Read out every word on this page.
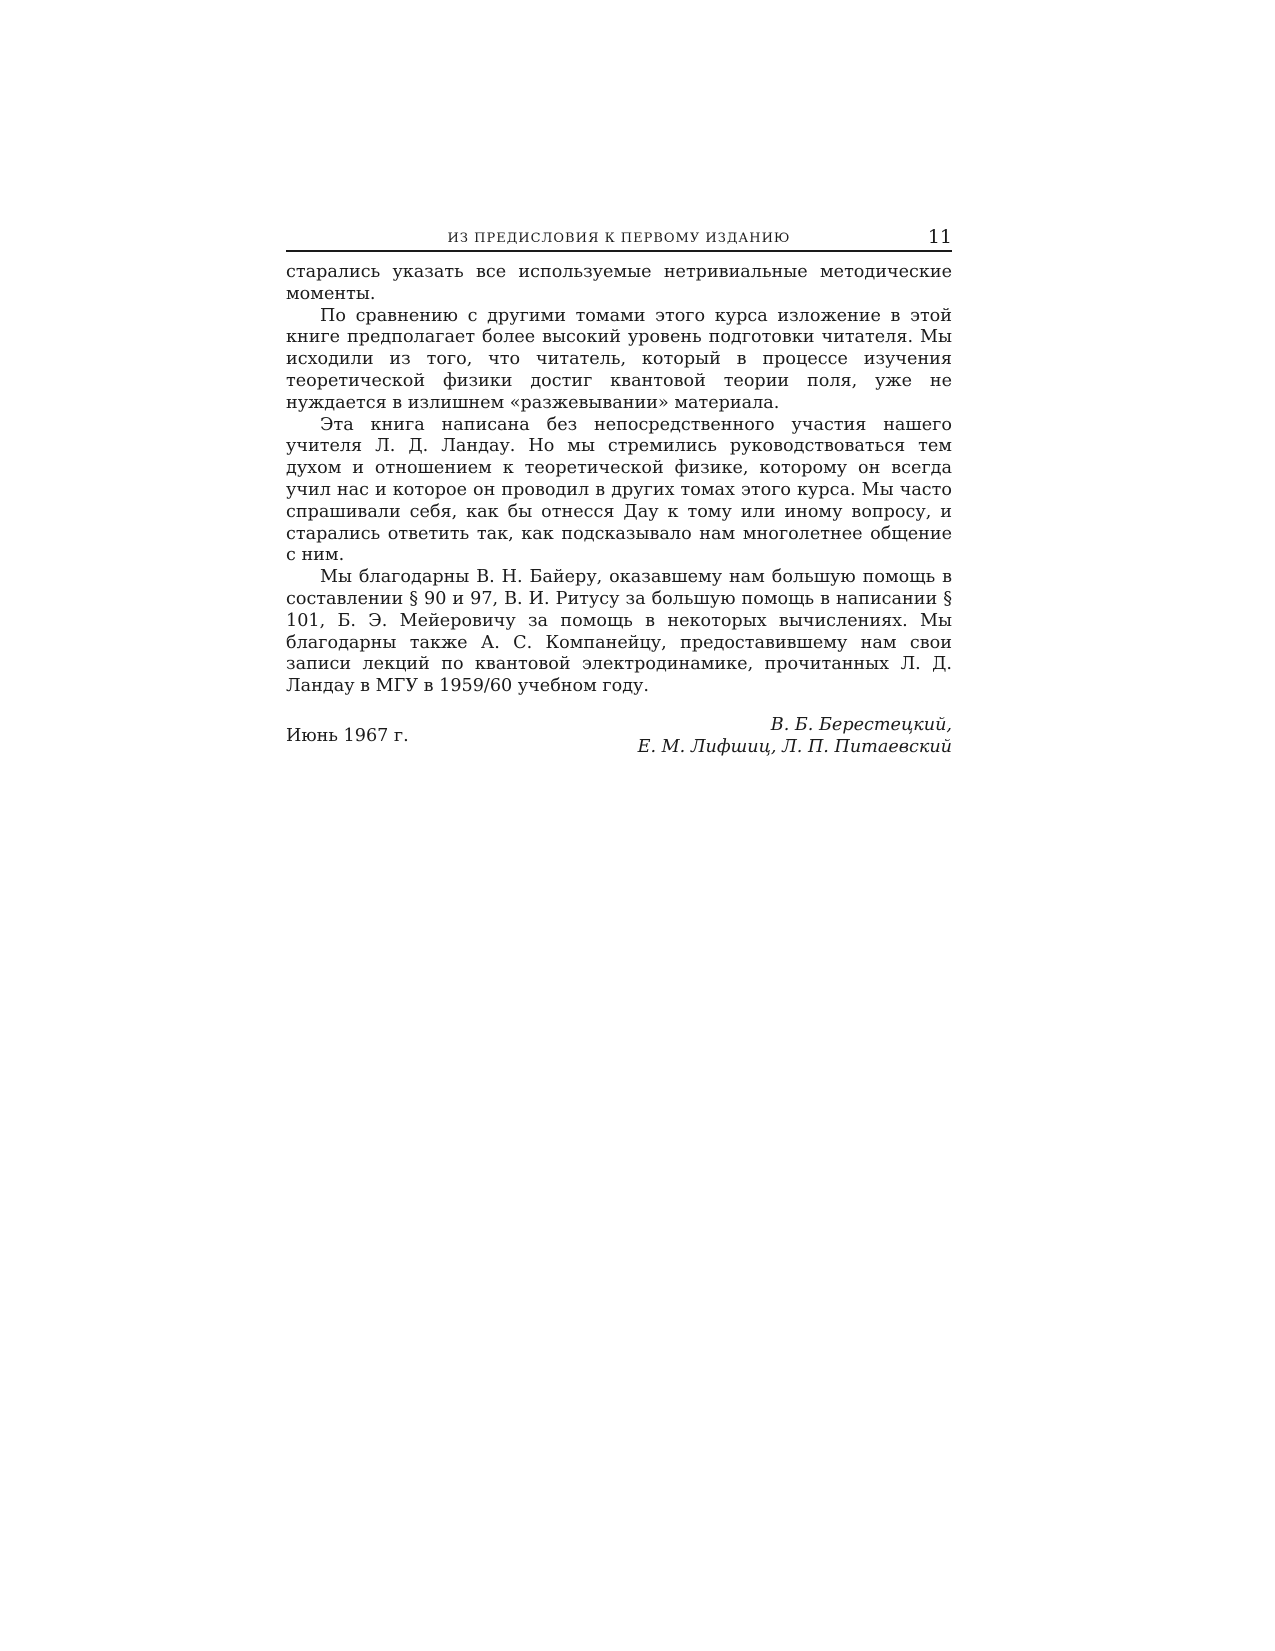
ИЗ ПРЕДИСЛОВИЯ К ПЕРВОМУ ИЗДАНИЮ	11

старались указать все используемые нетривиальные методические моменты.

По сравнению с другими томами этого курса изложение в этой книге предполагает более высокий уровень подготовки читателя. Мы исходили из того, что читатель, который в процессе изучения теоретической физики достиг квантовой теории поля, уже не нуждается в излишнем «разжевывании» материала.

Эта книга написана без непосредственного участия нашего учителя Л. Д. Ландау. Но мы стремились руководствоваться тем духом и отношением к теоретической физике, которому он всегда учил нас и которое он проводил в других томах этого курса. Мы часто спрашивали себя, как бы отнесся Дау к тому или иному вопросу, и старались ответить так, как подсказывало нам многолетнее общение с ним.

Мы благодарны В. Н. Байеру, оказавшему нам большую помощь в составлении § 90 и 97, В. И. Ритусу за большую помощь в написании § 101, Б. Э. Мейеровичу за помощь в некоторых вычислениях. Мы благодарны также А. С. Компанейцу, предоставившему нам свои записи лекций по квантовой электродинамике, прочитанных Л. Д. Ландау в МГУ в 1959/60 учебном году.

Июнь 1967 г.
В. Б. Берестецкий,
Е. М. Лифшиц, Л. П. Питаевский
